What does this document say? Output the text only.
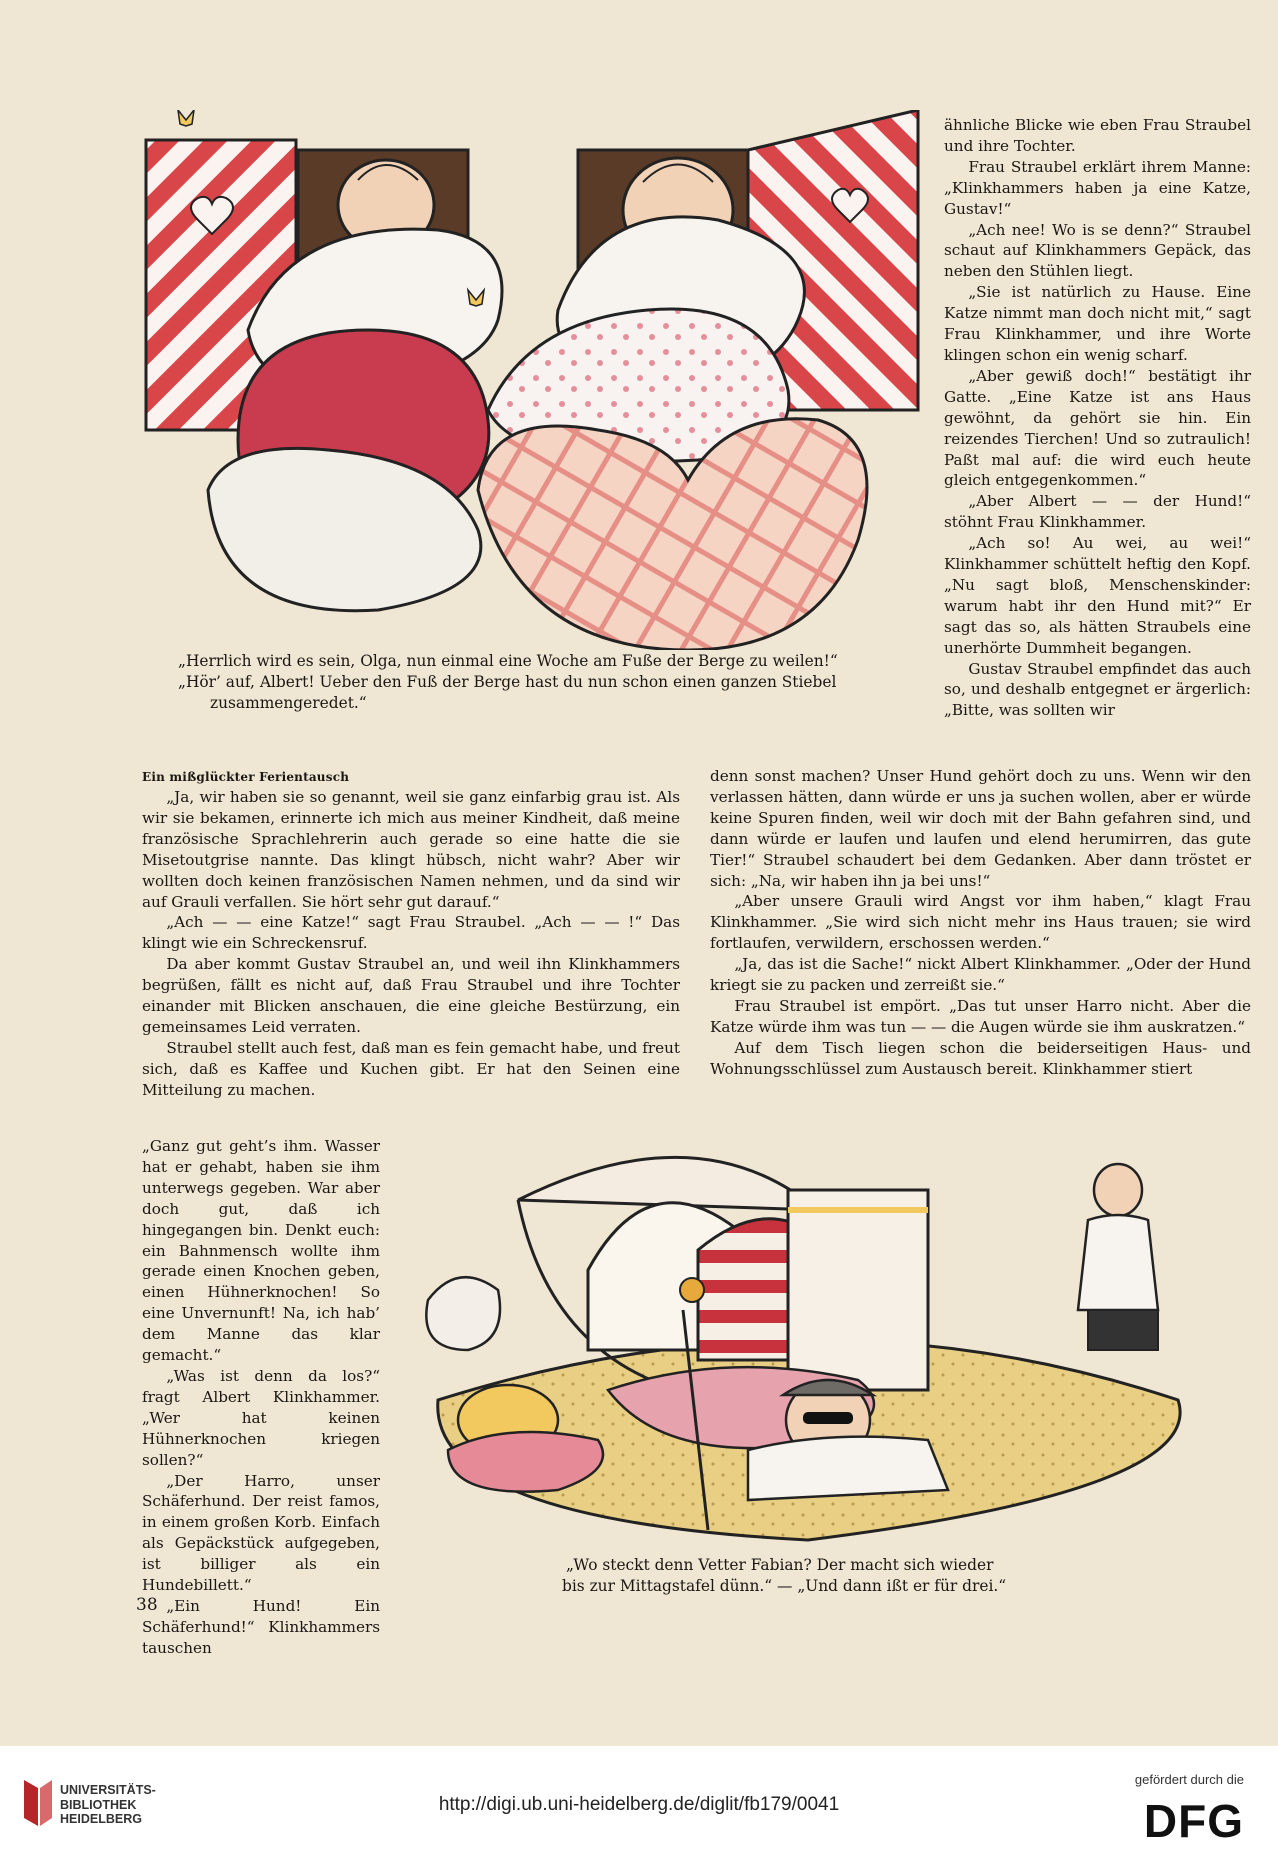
„Herrlich wird es sein, Olga, nun einmal eine Woche am Fuße der Berge zu weilen!“
„Hör’ auf, Albert! Ueber den Fuß der Berge hast du nun schon einen ganzen Stiebel
zusammengeredet.“

ähnliche Blicke wie eben Frau Straubel und ihre Tochter.

Frau Straubel erklärt ihrem Manne: „Klinkhammers haben ja eine Katze, Gustav!“

„Ach nee! Wo is se denn?“ Straubel schaut auf Klinkhammers Gepäck, das neben den Stühlen liegt.

„Sie ist natürlich zu Hause. Eine Katze nimmt man doch nicht mit,“ sagt Frau Klinkhammer, und ihre Worte klingen schon ein wenig scharf.

„Aber gewiß doch!“ bestätigt ihr Gatte. „Eine Katze ist ans Haus gewöhnt, da gehört sie hin. Ein reizendes Tierchen! Und so zutraulich! Paßt mal auf: die wird euch heute gleich entgegenkommen.“

„Aber Albert — — der Hund!“ stöhnt Frau Klinkhammer.

„Ach so! Au wei, au wei!“ Klinkhammer schüttelt heftig den Kopf. „Nu sagt bloß, Menschenskinder: warum habt ihr den Hund mit?“ Er sagt das so, als hätten Straubels eine unerhörte Dummheit begangen.

Gustav Straubel empfindet das auch so, und deshalb entgegnet er ärgerlich: „Bitte, was sollten wir

Ein mißglückter Ferientausch

„Ja, wir haben sie so genannt, weil sie ganz einfarbig grau ist. Als wir sie bekamen, erinnerte ich mich aus meiner Kindheit, daß meine französische Sprachlehrerin auch gerade so eine hatte die sie Misetoutgrise nannte. Das klingt hübsch, nicht wahr? Aber wir wollten doch keinen französischen Namen nehmen, und da sind wir auf Grauli verfallen. Sie hört sehr gut darauf.“

„Ach — — eine Katze!“ sagt Frau Straubel. „Ach — — !“ Das klingt wie ein Schreckensruf.

Da aber kommt Gustav Straubel an, und weil ihn Klinkhammers begrüßen, fällt es nicht auf, daß Frau Straubel und ihre Tochter einander mit Blicken anschauen, die eine gleiche Bestürzung, ein gemeinsames Leid verraten.

Straubel stellt auch fest, daß man es fein gemacht habe, und freut sich, daß es Kaffee und Kuchen gibt. Er hat den Seinen eine Mitteilung zu machen.

denn sonst machen? Unser Hund gehört doch zu uns. Wenn wir den verlassen hätten, dann würde er uns ja suchen wollen, aber er würde keine Spuren finden, weil wir doch mit der Bahn gefahren sind, und dann würde er laufen und laufen und elend herumirren, das gute Tier!“ Straubel schaudert bei dem Gedanken. Aber dann tröstet er sich: „Na, wir haben ihn ja bei uns!“

„Aber unsere Grauli wird Angst vor ihm haben,“ klagt Frau Klinkhammer. „Sie wird sich nicht mehr ins Haus trauen; sie wird fortlaufen, verwildern, erschossen werden.“

„Ja, das ist die Sache!“ nickt Albert Klinkhammer. „Oder der Hund kriegt sie zu packen und zerreißt sie.“

Frau Straubel ist empört. „Das tut unser Harro nicht. Aber die Katze würde ihm was tun — — die Augen würde sie ihm auskratzen.“

Auf dem Tisch liegen schon die beiderseitigen Haus- und Wohnungsschlüssel zum Austausch bereit. Klinkhammer stiert

„Ganz gut geht’s ihm. Wasser hat er gehabt, haben sie ihm unterwegs gegeben. War aber doch gut, daß ich hingegangen bin. Denkt euch: ein Bahnmensch wollte ihm gerade einen Knochen geben, einen Hühnerknochen! So eine Unvernunft! Na, ich hab’ dem Manne das klar gemacht.“

„Was ist denn da los?“ fragt Albert Klinkhammer. „Wer hat keinen Hühnerknochen kriegen sollen?“

„Der Harro, unser Schäferhund. Der reist famos, in einem großen Korb. Einfach als Gepäckstück aufgegeben, ist billiger als ein Hundebillett.“

„Ein Hund! Ein Schäferhund!“ Klinkhammers tauschen

„Wo steckt denn Vetter Fabian? Der macht sich wieder
bis zur Mittagstafel dünn.“ — „Und dann ißt er für drei.“
38
UNIVERSITÄTS-
BIBLIOTHEK
HEIDELBERG
http://digi.ub.uni-heidelberg.de/diglit/fb179/0041
gefördert durch die
DFG
